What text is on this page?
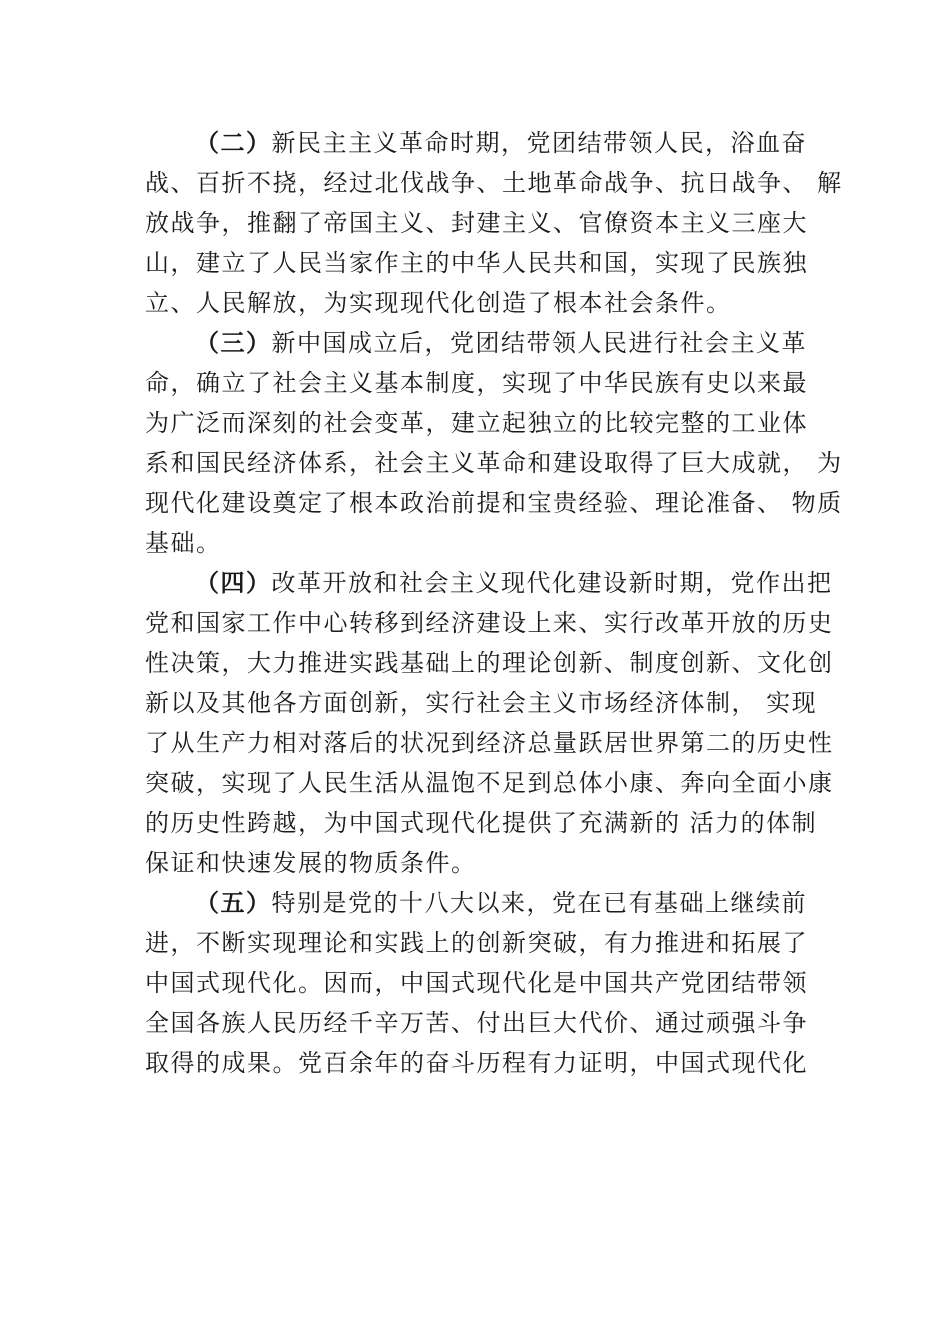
（二）新民主主义革命时期，党团结带领人民，浴血奋
战、百折不挠，经过北伐战争、土地革命战争、抗日战争、 解
放战争，推翻了帝国主义、封建主义、官僚资本主义三座大
山，建立了人民当家作主的中华人民共和国，实现了民族独
立、人民解放，为实现现代化创造了根本社会条件。
（三）新中国成立后，党团结带领人民进行社会主义革
命，确立了社会主义基本制度，实现了中华民族有史以来最
为广泛而深刻的社会变革，建立起独立的比较完整的工业体
系和国民经济体系，社会主义革命和建设取得了巨大成就， 为
现代化建设奠定了根本政治前提和宝贵经验、理论准备、 物质
基础。
（四）改革开放和社会主义现代化建设新时期，党作出把
党和国家工作中心转移到经济建设上来、实行改革开放的历史
性决策，大力推进实践基础上的理论创新、制度创新、文化创
新以及其他各方面创新，实行社会主义市场经济体制， 实现
了从生产力相对落后的状况到经济总量跃居世界第二的历史性
突破，实现了人民生活从温饱不足到总体小康、奔向全面小康
的历史性跨越，为中国式现代化提供了充满新的 活力的体制
保证和快速发展的物质条件。
（五）特别是党的十八大以来，党在已有基础上继续前
进，不断实现理论和实践上的创新突破，有力推进和拓展了
中国式现代化。因而，中国式现代化是中国共产党团结带领
全国各族人民历经千辛万苦、付出巨大代价、通过顽强斗争
取得的成果。党百余年的奋斗历程有力证明，中国式现代化
